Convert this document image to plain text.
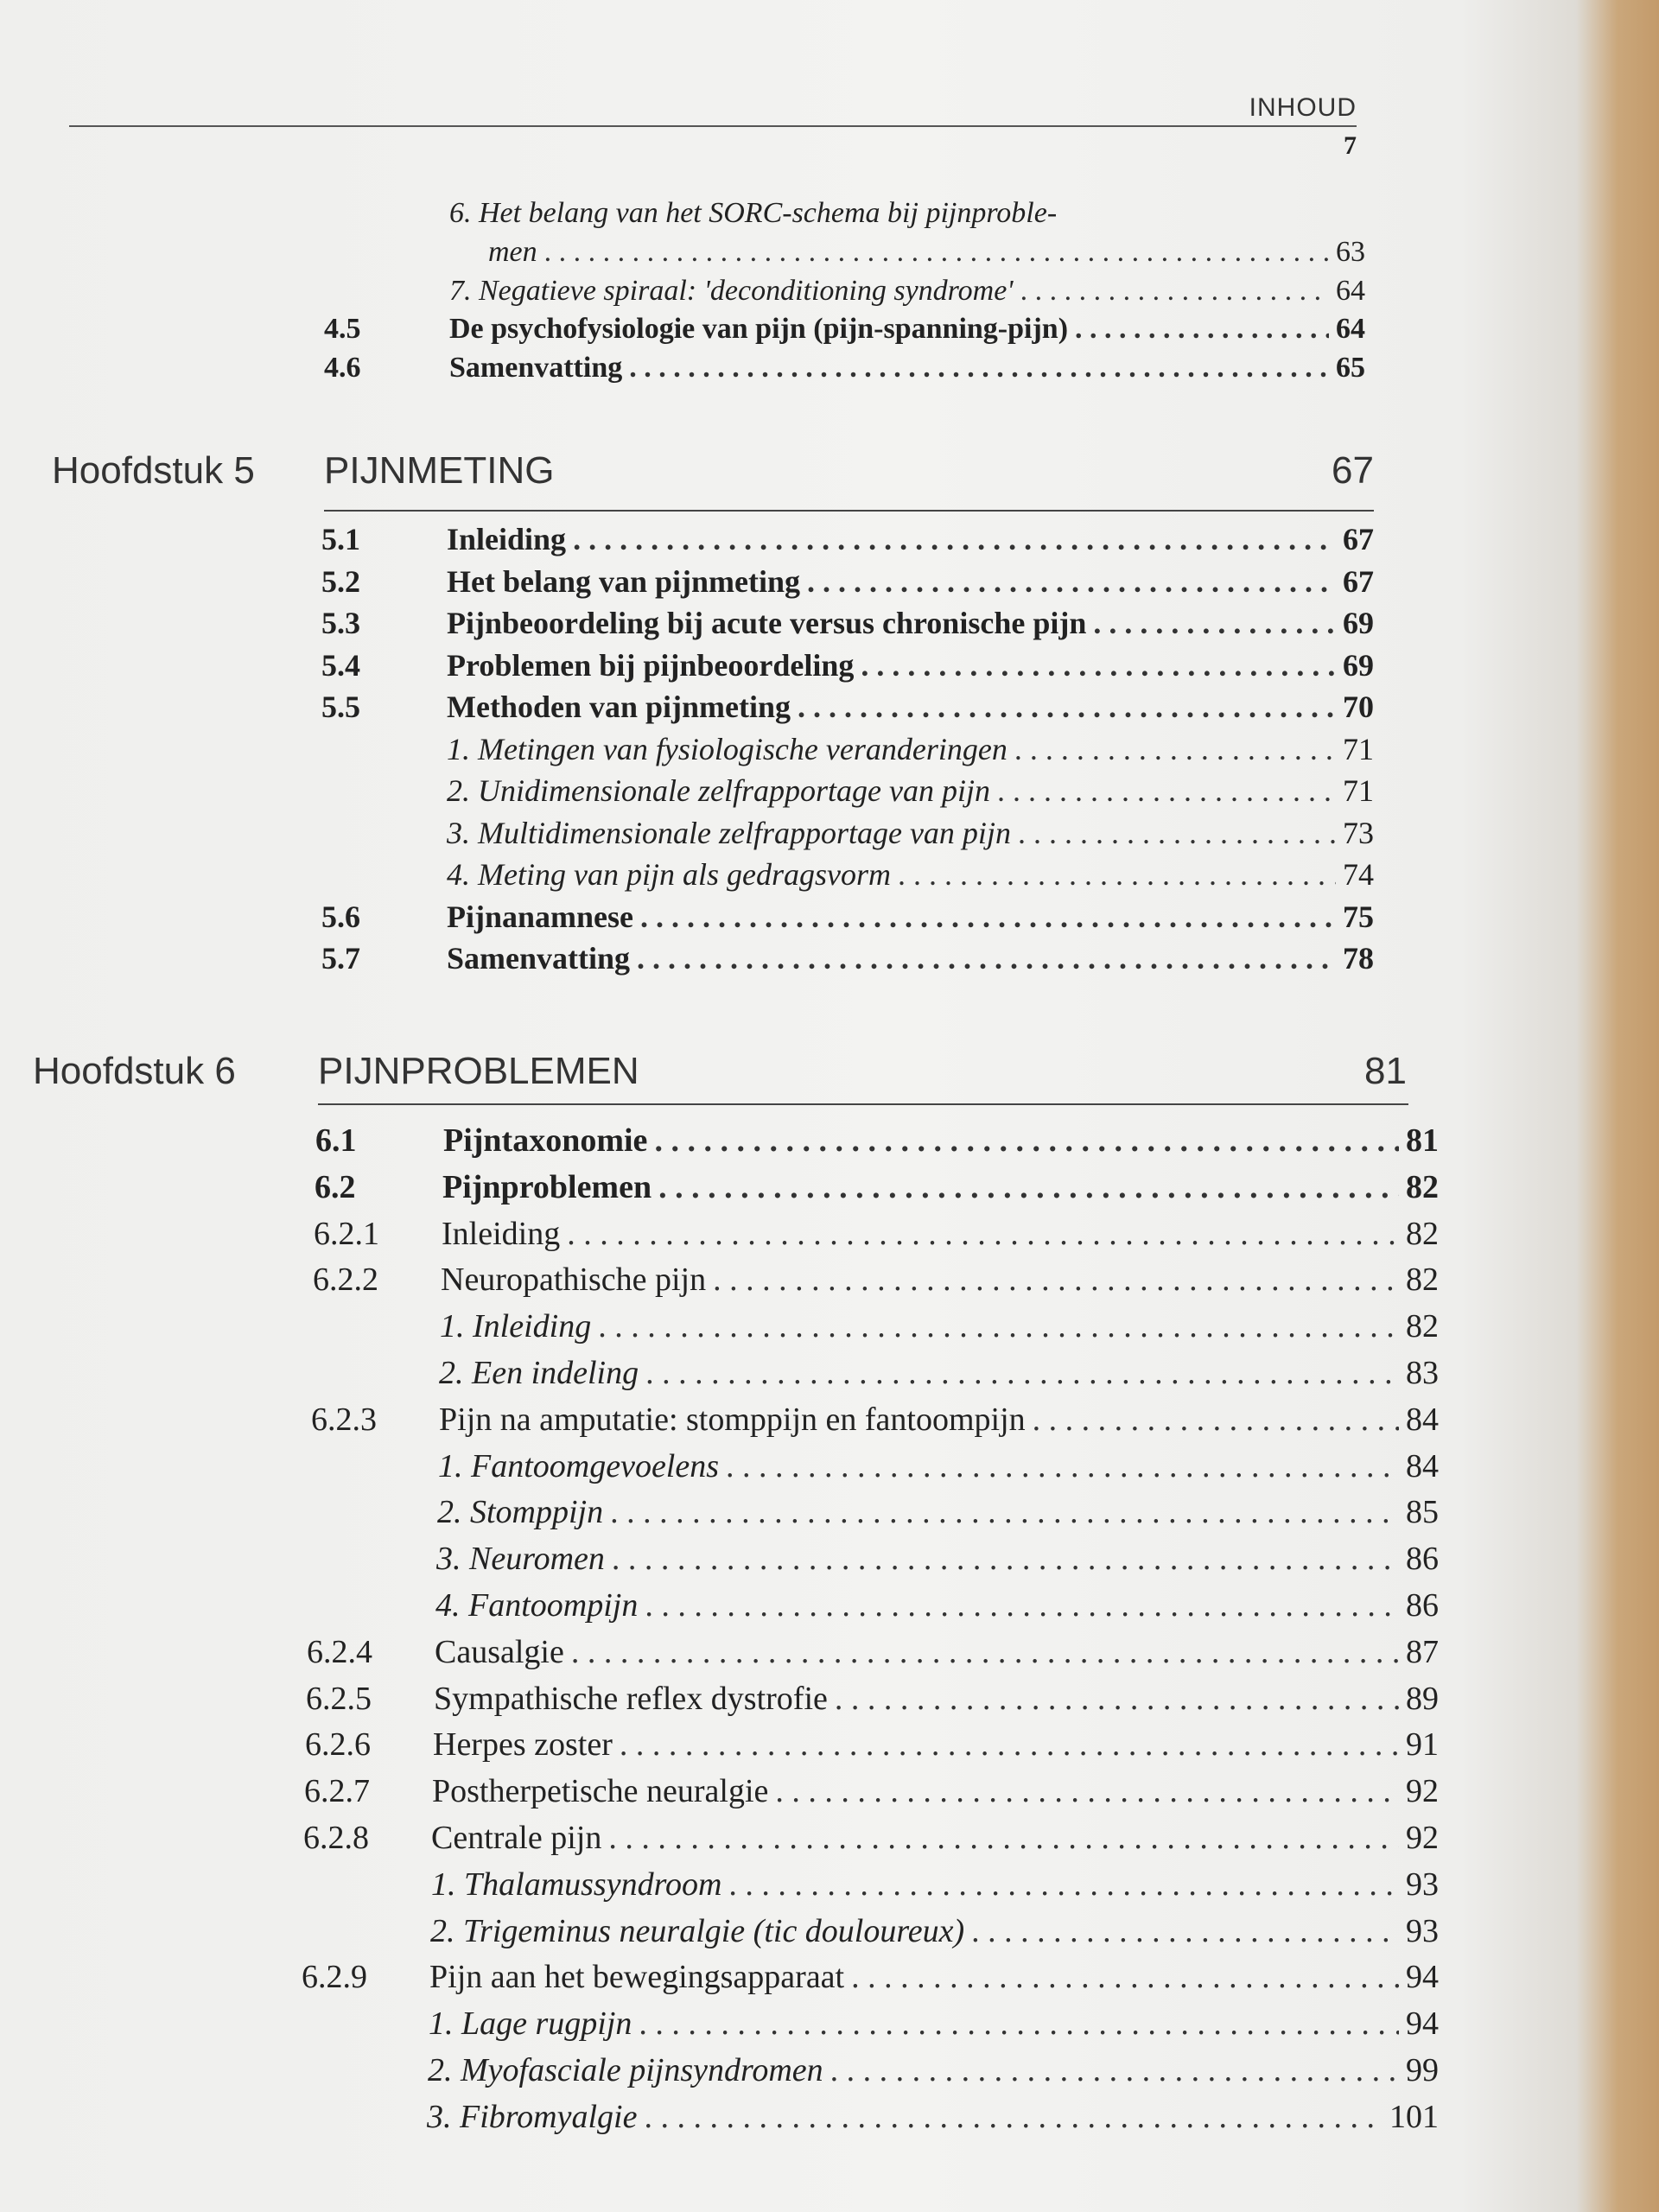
INHOUD
7
6. Het belang van het SORC-schema bij pijnproble-
men . . .	63
7. Negatieve spiraal: 'deconditioning syndrome' . . .	64
4.5	De psychofysiologie van pijn (pijn-spanning-pijn) . . .	64
4.6	Samenvatting . . .	65
Hoofdstuk 5	PIJNMETING	67
5.1	Inleiding . . .	67
5.2	Het belang van pijnmeting . . .	67
5.3	Pijnbeoordeling bij acute versus chronische pijn . . .	69
5.4	Problemen bij pijnbeoordeling . . .	69
5.5	Methoden van pijnmeting . . .	70
1. Metingen van fysiologische veranderingen . . .	71
2. Unidimensionale zelfrapportage van pijn . . .	71
3. Multidimensionale zelfrapportage van pijn . . .	73
4. Meting van pijn als gedragsvorm . . .	74
5.6	Pijnanamnese . . .	75
5.7	Samenvatting . . .	78
Hoofdstuk 6	PIJNPROBLEMEN	81
6.1	Pijntaxonomie . . .	81
6.2	Pijnproblemen . . .	82
6.2.1	Inleiding . . .	82
6.2.2	Neuropathische pijn . . .	82
1. Inleiding . . .	82
2. Een indeling . . .	83
6.2.3	Pijn na amputatie: stomppijn en fantoompijn . . .	84
1. Fantoomgevoelens . . .	84
2. Stomppijn . . .	85
3. Neuromen . . .	86
4. Fantoompijn . . .	86
6.2.4	Causalgie . . .	87
6.2.5	Sympathische reflex dystrofie . . .	89
6.2.6	Herpes zoster . . .	91
6.2.7	Postherpetische neuralgie . . .	92
6.2.8	Centrale pijn . . .	92
1. Thalamussyndroom . . .	93
2. Trigeminus neuralgie (tic douloureux) . . .	93
6.2.9	Pijn aan het bewegingsapparaat . . .	94
1. Lage rugpijn . . .	94
2. Myofasciale pijnsyndromen . . .	99
3. Fibromyalgie . . .	101
